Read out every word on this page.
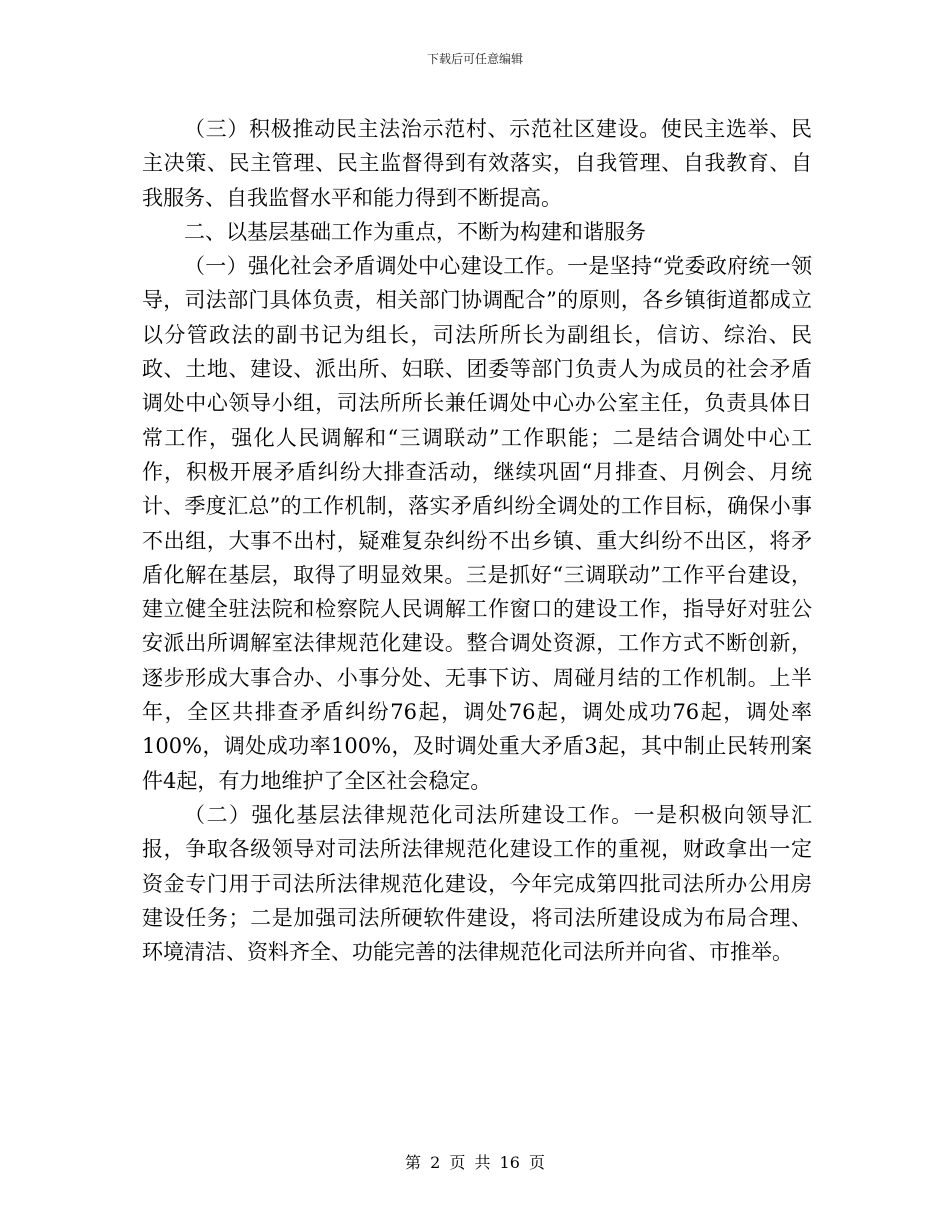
下载后可任意编辑

（三）积极推动民主法治示范村、示范社区建设。使民主选举、民主决策、民主管理、民主监督得到有效落实，自我管理、自我教育、自我服务、自我监督水平和能力得到不断提高。

二、以基层基础工作为重点，不断为构建和谐服务

（一）强化社会矛盾调处中心建设工作。一是坚持“党委政府统一领导，司法部门具体负责，相关部门协调配合”的原则，各乡镇街道都成立以分管政法的副书记为组长，司法所所长为副组长，信访、综治、民政、土地、建设、派出所、妇联、团委等部门负责人为成员的社会矛盾调处中心领导小组，司法所所长兼任调处中心办公室主任，负责具体日常工作，强化人民调解和“三调联动”工作职能；二是结合调处中心工作，积极开展矛盾纠纷大排查活动，继续巩固“月排查、月例会、月统计、季度汇总”的工作机制，落实矛盾纠纷全调处的工作目标，确保小事不出组，大事不出村，疑难复杂纠纷不出乡镇、重大纠纷不出区，将矛盾化解在基层，取得了明显效果。三是抓好“三调联动”工作平台建设，建立健全驻法院和检察院人民调解工作窗口的建设工作，指导好对驻公安派出所调解室法律规范化建设。整合调处资源，工作方式不断创新，逐步形成大事合办、小事分处、无事下访、周碰月结的工作机制。上半年，全区共排查矛盾纠纷76起，调处76起，调处成功76起，调处率100%，调处成功率100%，及时调处重大矛盾3起，其中制止民转刑案件4起，有力地维护了全区社会稳定。

（二）强化基层法律规范化司法所建设工作。一是积极向领导汇报，争取各级领导对司法所法律规范化建设工作的重视，财政拿出一定资金专门用于司法所法律规范化建设，今年完成第四批司法所办公用房建设任务；二是加强司法所硬软件建设，将司法所建设成为布局合理、环境清洁、资料齐全、功能完善的法律规范化司法所并向省、市推举。

第 2 页 共 16 页
